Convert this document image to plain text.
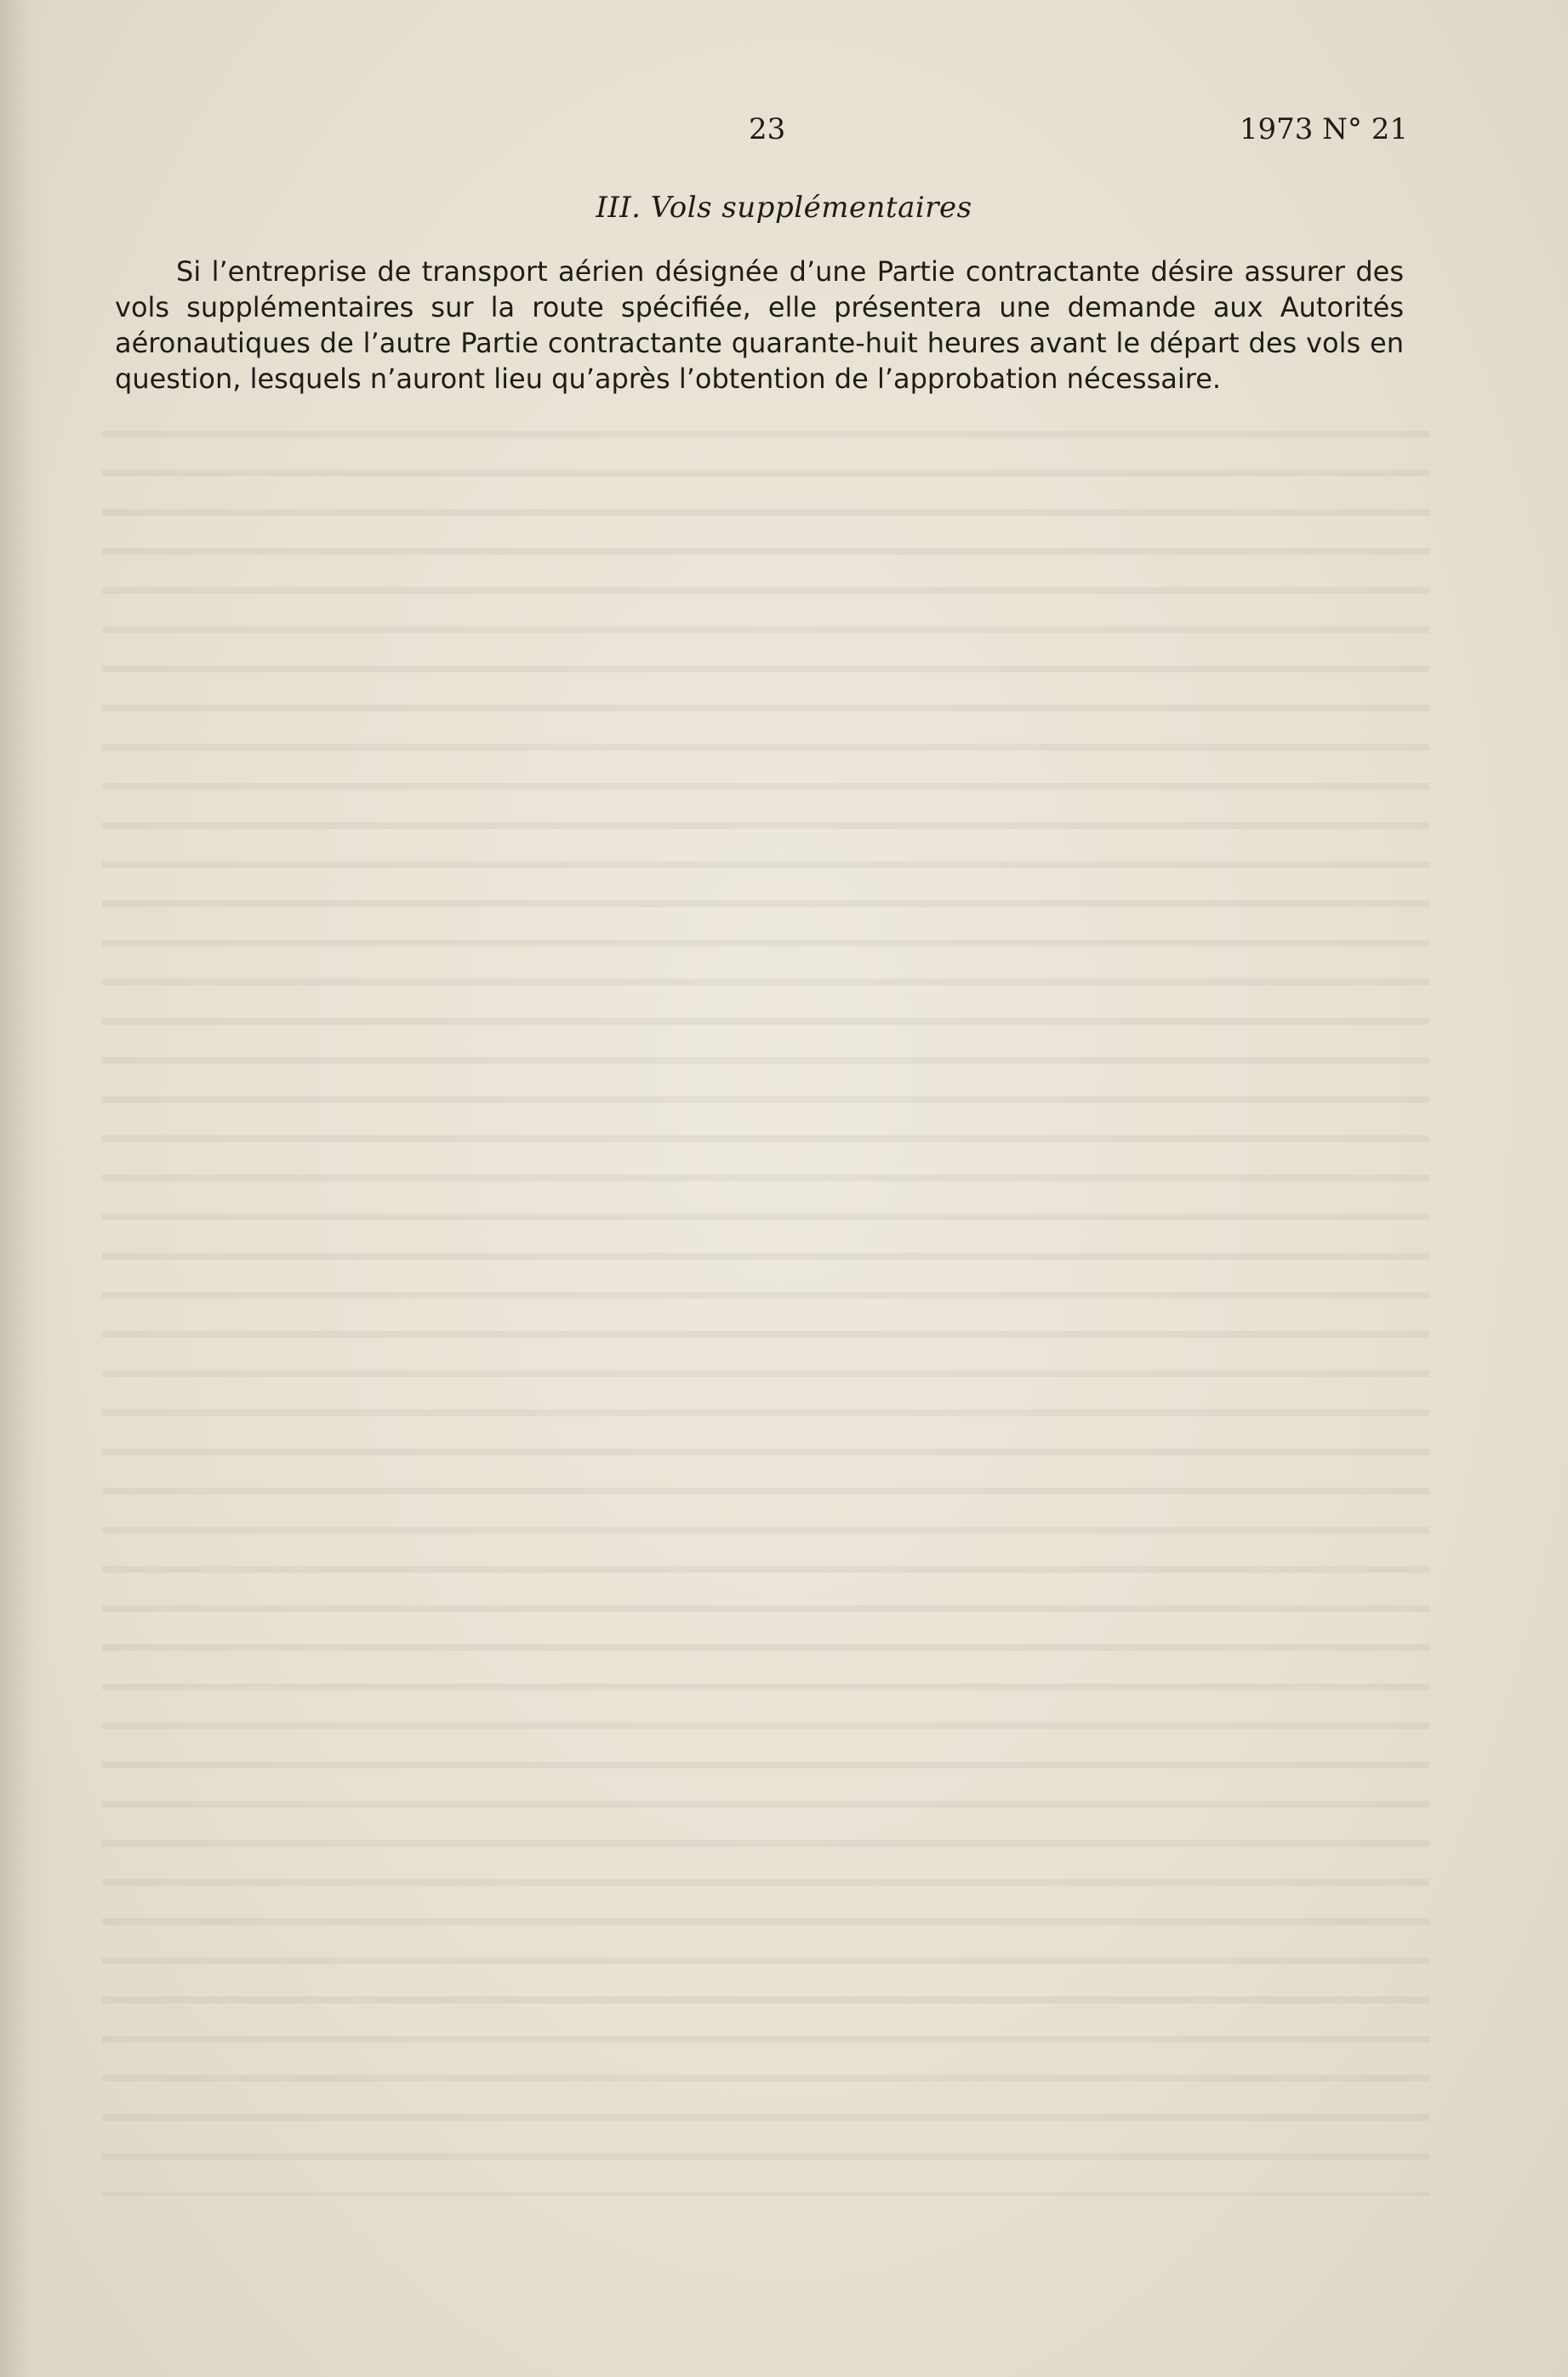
23	1973 N° 21
III. Vols supplémentaires

Si l’entreprise de transport aérien désignée d’une Partie contractante désire assurer des vols supplémentaires sur la route spécifiée, elle présentera une demande aux Autorités aéronautiques de l’autre Partie contractante quarante-huit heures avant le départ des vols en question, lesquels n’auront lieu qu’après l’obtention de l’approbation nécessaire.
